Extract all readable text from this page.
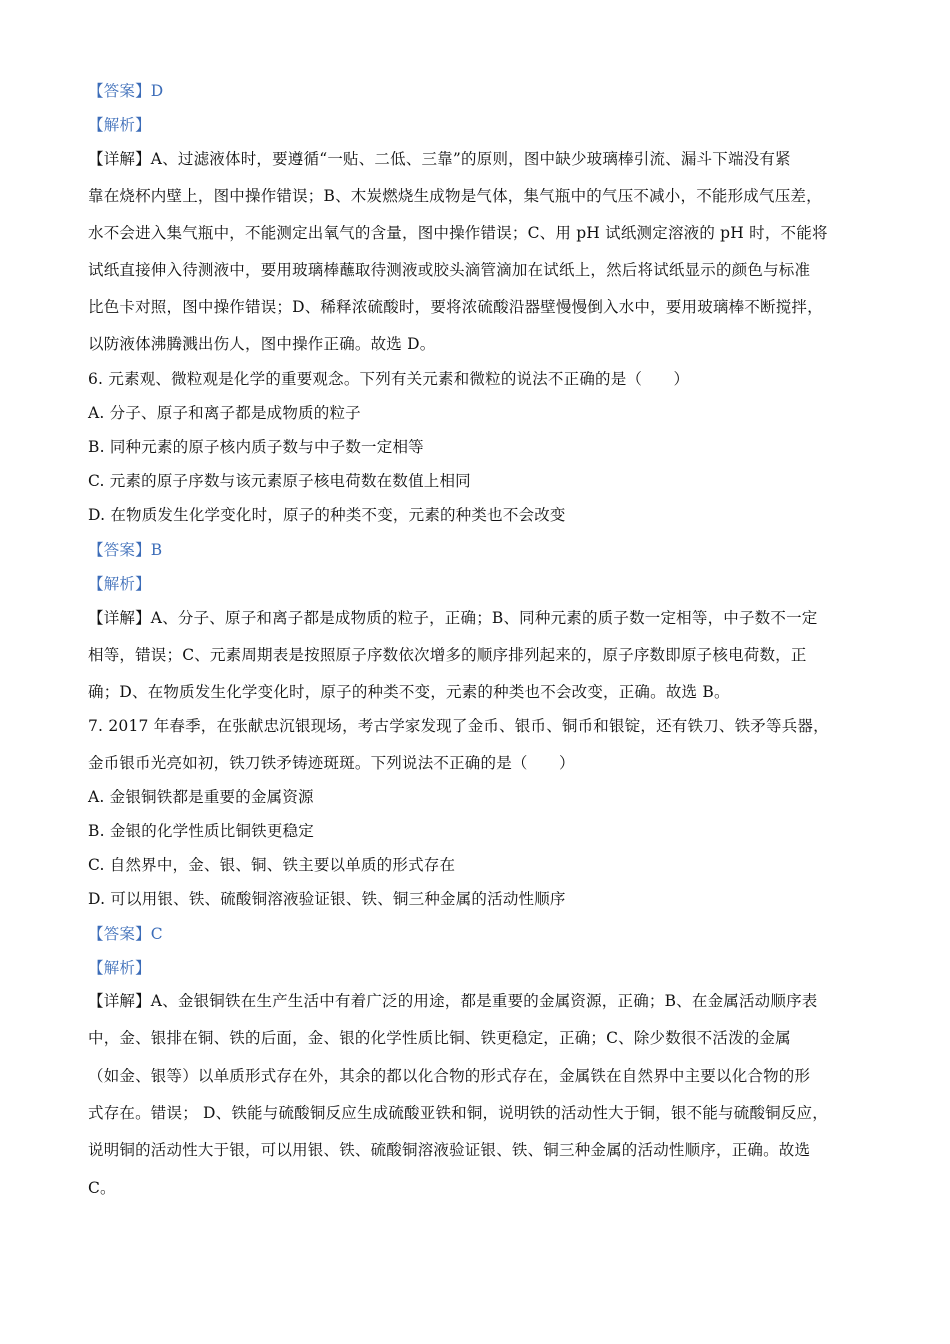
【答案】D
【解析】
【详解】A、过滤液体时，要遵循“一贴、二低、三靠”的原则，图中缺少玻璃棒引流、漏斗下端没有紧
靠在烧杯内壁上，图中操作错误；B、木炭燃烧生成物是气体，集气瓶中的气压不减小，不能形成气压差，
水不会进入集气瓶中，不能测定出氧气的含量，图中操作错误；C、用 pH 试纸测定溶液的 pH 时，不能将
试纸直接伸入待测液中，要用玻璃棒蘸取待测液或胶头滴管滴加在试纸上，然后将试纸显示的颜色与标准
比色卡对照，图中操作错误；D、稀释浓硫酸时，要将浓硫酸沿器壁慢慢倒入水中，要用玻璃棒不断搅拌，
以防液体沸腾溅出伤人，图中操作正确。故选 D。
6. 元素观、微粒观是化学的重要观念。下列有关元素和微粒的说法不正确的是（　　）
A. 分子、原子和离子都是成物质的粒子
B. 同种元素的原子核内质子数与中子数一定相等
C. 元素的原子序数与该元素原子核电荷数在数值上相同
D. 在物质发生化学变化时，原子的种类不变，元素的种类也不会改变
【答案】B
【解析】
【详解】A、分子、原子和离子都是成物质的粒子，正确；B、同种元素的质子数一定相等，中子数不一定
相等，错误；C、元素周期表是按照原子序数依次增多的顺序排列起来的，原子序数即原子核电荷数，正
确；D、在物质发生化学变化时，原子的种类不变，元素的种类也不会改变，正确。故选 B。
7. 2017 年春季，在张献忠沉银现场，考古学家发现了金币、银币、铜币和银锭，还有铁刀、铁矛等兵器，
金币银币光亮如初，铁刀铁矛铸迹斑斑。下列说法不正确的是（　　）
A. 金银铜铁都是重要的金属资源
B. 金银的化学性质比铜铁更稳定
C. 自然界中，金、银、铜、铁主要以单质的形式存在
D. 可以用银、铁、硫酸铜溶液验证银、铁、铜三种金属的活动性顺序
【答案】C
【解析】
【详解】A、金银铜铁在生产生活中有着广泛的用途，都是重要的金属资源，正确；B、在金属活动顺序表
中，金、银排在铜、铁的后面，金、银的化学性质比铜、铁更稳定，正确；C、除少数很不活泼的金属
（如金、银等）以单质形式存在外，其余的都以化合物的形式存在，金属铁在自然界中主要以化合物的形
式存在。错误； D、铁能与硫酸铜反应生成硫酸亚铁和铜，说明铁的活动性大于铜，银不能与硫酸铜反应，
说明铜的活动性大于银，可以用银、铁、硫酸铜溶液验证银、铁、铜三种金属的活动性顺序，正确。故选
C。
